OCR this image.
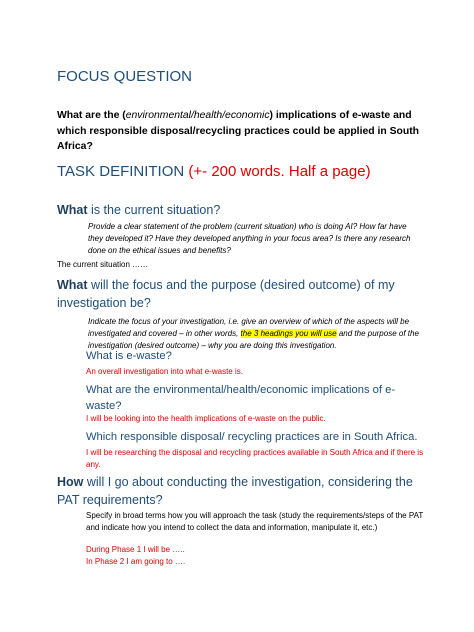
FOCUS QUESTION
What are the (environmental/health/economic) implications of e-waste and which responsible disposal/recycling practices could be applied in South Africa?
TASK DEFINITION (+- 200 words. Half a page)
What is the current situation?
Provide a clear statement of the problem (current situation) who is doing AI? How far have they developed it? Have they developed anything in your focus area? Is there any research done on the ethical issues and benefits?
The current situation ……
What will the focus and the purpose (desired outcome) of my investigation be?
Indicate the focus of your investigation, i.e. give an overview of which of the aspects will be investigated and covered – in other words, the 3 headings you will use and the purpose of the investigation (desired outcome) – why you are doing this investigation.
What is e-waste?
An overall investigation into what e-waste is.
What are the environmental/health/economic implications of e-waste?
I will be looking into the health implications of e-waste on the public.
Which responsible disposal/ recycling practices are in South Africa.
I will be researching the disposal and recycling practices available in South Africa and if there is any.
How will I go about conducting the investigation, considering the PAT requirements?
Specify in broad terms how you will approach the task (study the requirements/steps of the PAT and indicate how you intend to collect the data and information, manipulate it, etc.)
During Phase 1 I will be …..
In Phase 2 I am going to ….
